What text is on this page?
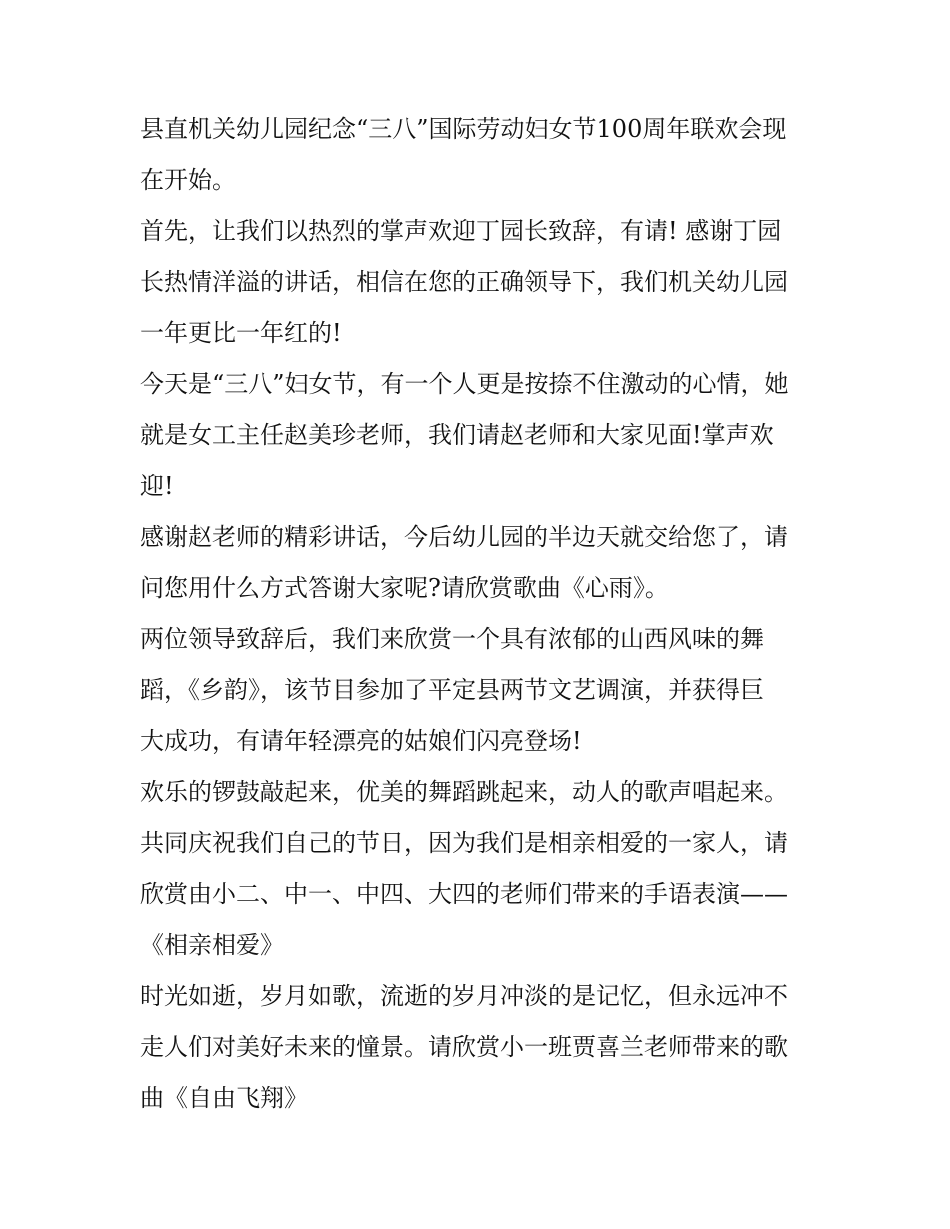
县直机关幼儿园纪念“三八”国际劳动妇女节100周年联欢会现
在开始。
首先，让我们以热烈的掌声欢迎丁园长致辞，有请! 感谢丁园
长热情洋溢的讲话，相信在您的正确领导下，我们机关幼儿园
一年更比一年红的!
今天是“三八”妇女节，有一个人更是按捺不住激动的心情，她
就是女工主任赵美珍老师，我们请赵老师和大家见面!掌声欢
迎!
感谢赵老师的精彩讲话，今后幼儿园的半边天就交给您了，请
问您用什么方式答谢大家呢?请欣赏歌曲《心雨》。
两位领导致辞后，我们来欣赏一个具有浓郁的山西风味的舞
蹈，《乡韵》，该节目参加了平定县两节文艺调演，并获得巨
大成功，有请年轻漂亮的姑娘们闪亮登场!
欢乐的锣鼓敲起来，优美的舞蹈跳起来，动人的歌声唱起来。
共同庆祝我们自己的节日，因为我们是相亲相爱的一家人，请
欣赏由小二、中一、中四、大四的老师们带来的手语表演——
《相亲相爱》
时光如逝，岁月如歌，流逝的岁月冲淡的是记忆，但永远冲不
走人们对美好未来的憧景。请欣赏小一班贾喜兰老师带来的歌
曲《自由飞翔》
